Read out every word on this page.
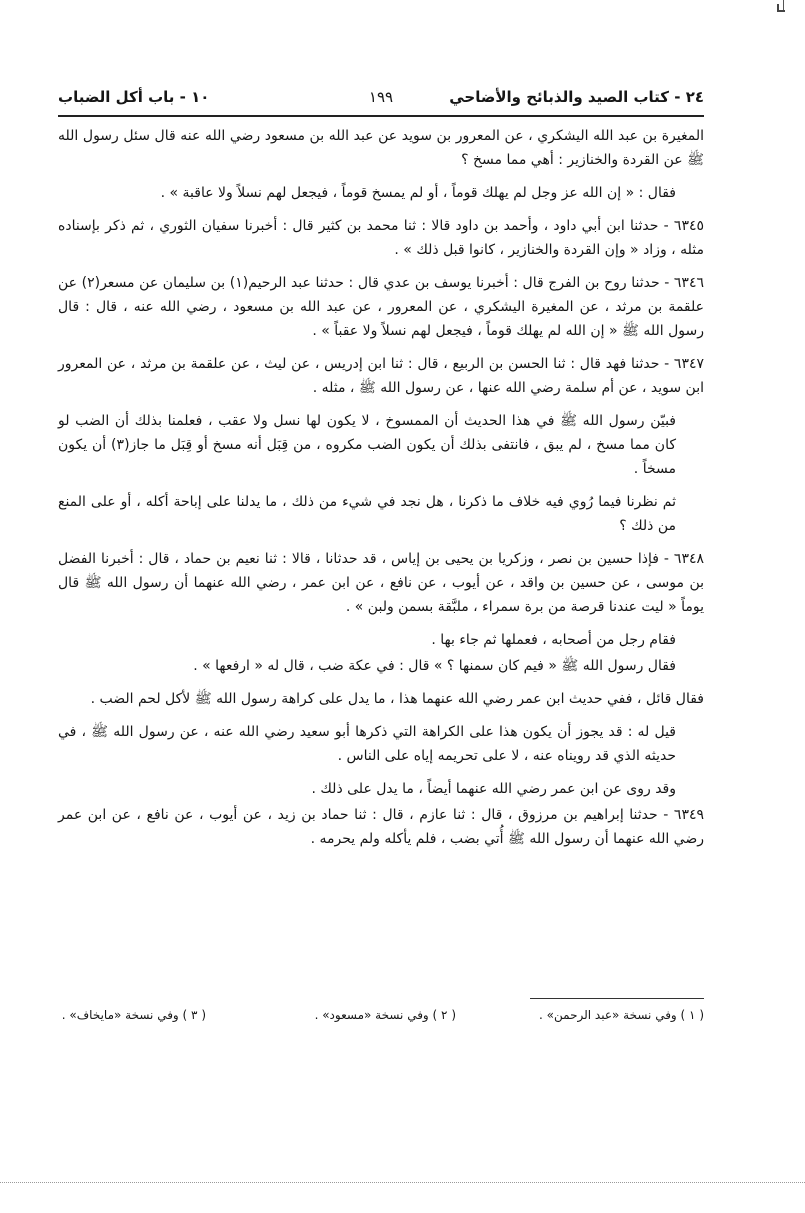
٢٤ - كتاب الصيد والذبائح والأضاحي
١٩٩
١٠ - باب أكل الضباب

المغيرة بن عبد الله اليشكري ، عن المعرور بن سويد عن عبد الله بن مسعود رضي الله عنه قال سئل رسول الله ﷺ عن القردة والخنازير : أهي مما مسخ ؟

فقال : « إن الله عز وجل لم يهلك قوماً ، أو لم يمسخ قوماً ، فيجعل لهم نسلاً ولا عاقبة » .

٦٣٤٥ - حدثنا ابن أبي داود ، وأحمد بن داود قالا : ثنا محمد بن كثير قال : أخبرنا سفيان الثوري ، ثم ذكر بإسناده مثله ، وزاد « وإن القردة والخنازير ، كانوا قبل ذلك » .

٦٣٤٦ - حدثنا روح بن الفرج قال : أخبرنا يوسف بن عدي قال : حدثنا عبد الرحيم(١) بن سليمان عن مسعر(٢) عن علقمة بن مرثد ، عن المغيرة اليشكري ، عن المعرور ، عن عبد الله بن مسعود ، رضي الله عنه ، قال : قال رسول الله ﷺ « إن الله لم يهلك قوماً ، فيجعل لهم نسلاً ولا عقباً » .

٦٣٤٧ - حدثنا فهد قال : ثنا الحسن بن الربيع ، قال : ثنا ابن إدريس ، عن ليث ، عن علقمة بن مرثد ، عن المعرور ابن سويد ، عن أم سلمة رضي الله عنها ، عن رسول الله ﷺ ، مثله .

فبيّن رسول الله ﷺ في هذا الحديث أن الممسوخ ، لا يكون لها نسل ولا عقب ، فعلمنا بذلك أن الضب لو كان مما مسخ ، لم يبق ، فانتفى بذلك أن يكون الضب مكروه ، من قِبَل أنه مسخ أو قِبَل ما جاز(٣) أن يكون مسخاً .

ثم نظرنا فيما رُوي فيه خلاف ما ذكرنا ، هل نجد في شيء من ذلك ، ما يدلنا على إباحة أكله ، أو على المنع من ذلك ؟

٦٣٤٨ - فإذا حسين بن نصر ، وزكريا بن يحيى بن إياس ، قد حدثانا ، قالا : ثنا نعيم بن حماد ، قال : أخبرنا الفضل بن موسى ، عن حسين بن واقد ، عن أيوب ، عن نافع ، عن ابن عمر ، رضي الله عنهما أن رسول الله ﷺ قال يوماً « ليت عندنا قرصة من برة سمراء ، ملبَّقة بسمن ولبن » .

فقام رجل من أصحابه ، فعملها ثم جاء بها .

فقال رسول الله ﷺ « فيم كان سمنها ؟ » قال : في عكة ضب ، قال له « ارفعها » .

فقال قائل ، ففي حديث ابن عمر رضي الله عنهما هذا ، ما يدل على كراهة رسول الله ﷺ لأكل لحم الضب .

قيل له : قد يجوز أن يكون هذا على الكراهة التي ذكرها أبو سعيد رضي الله عنه ، عن رسول الله ﷺ ، في حديثه الذي قد رويناه عنه ، لا على تحريمه إياه على الناس .

وقد روى عن ابن عمر رضي الله عنهما أيضاً ، ما يدل على ذلك .

٦٣٤٩ - حدثنا إبراهيم بن مرزوق ، قال : ثنا عازم ، قال : ثنا حماد بن زيد ، عن أيوب ، عن نافع ، عن ابن عمر رضي الله عنهما أن رسول الله ﷺ أُتي بضب ، فلم يأكله ولم يحرمه .

( ١ ) وفي نسخة «عبد الرحمن» .
( ٢ ) وفي نسخة «مسعود» .
( ٣ ) وفي نسخة «مايخاف» .
